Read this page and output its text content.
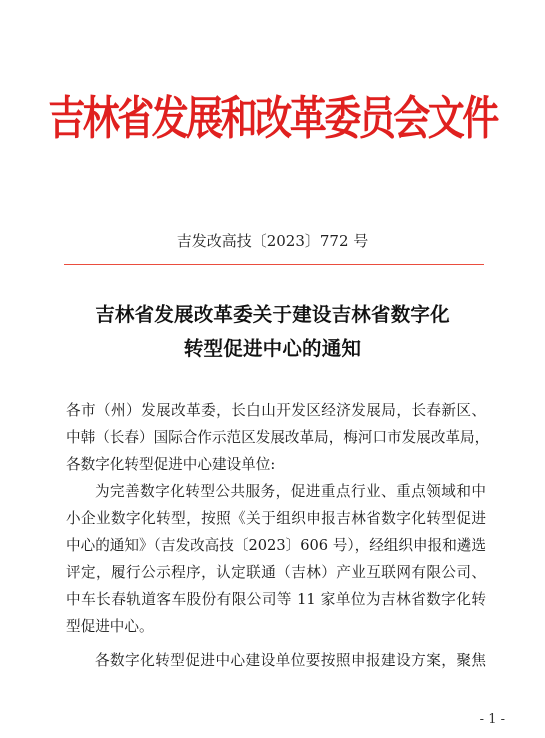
吉林省发展和改革委员会文件
吉发改高技〔2023〕772 号
吉林省发展改革委关于建设吉林省数字化
转型促进中心的通知
各市（州）发展改革委，长白山开发区经济发展局，长春新区、
中韩（长春）国际合作示范区发展改革局，梅河口市发展改革局，
各数字化转型促进中心建设单位:
为完善数字化转型公共服务，促进重点行业、重点领域和中
小企业数字化转型，按照《关于组织申报吉林省数字化转型促进
中心的通知》（吉发改高技〔2023〕606 号），经组织申报和遴选
评定，履行公示程序，认定联通（吉林）产业互联网有限公司、
中车长春轨道客车股份有限公司等 11 家单位为吉林省数字化转
型促进中心。
各数字化转型促进中心建设单位要按照申报建设方案，聚焦
- 1 -
